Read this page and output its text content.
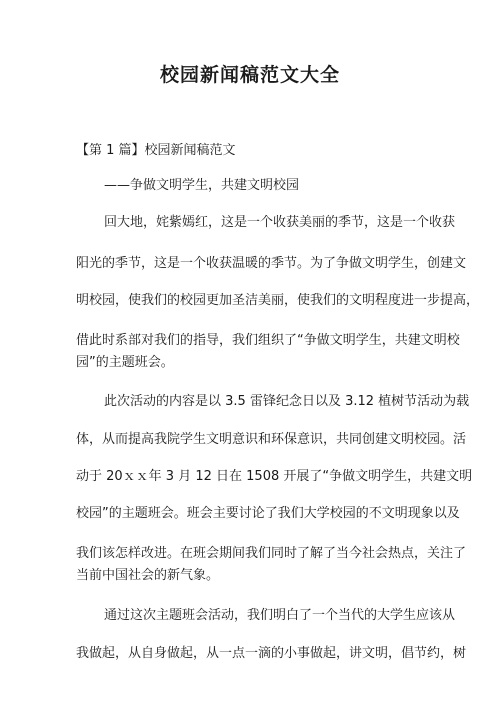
校园新闻稿范文大全
【第 1 篇】校园新闻稿范文
——争做文明学生，共建文明校园
回大地，姹紫嫣红，这是一个收获美丽的季节，这是一个收获
阳光的季节，这是一个收获温暖的季节。为了争做文明学生，创建文
明校园，使我们的校园更加圣洁美丽，使我们的文明程度进一步提高，
借此时系部对我们的指导，我们组织了“争做文明学生，共建文明校
园”的主题班会。
此次活动的内容是以 3.5 雷锋纪念日以及 3.12 植树节活动为载
体，从而提高我院学生文明意识和环保意识，共同创建文明校园。活
动于 20ｘｘ年 3 月 12 日在 1508 开展了“争做文明学生，共建文明
校园”的主题班会。班会主要讨论了我们大学校园的不文明现象以及
我们该怎样改进。在班会期间我们同时了解了当今社会热点，关注了
当前中国社会的新气象。
通过这次主题班会活动，我们明白了一个当代的大学生应该从
我做起，从自身做起，从一点一滴的小事做起，讲文明，倡节约，树
